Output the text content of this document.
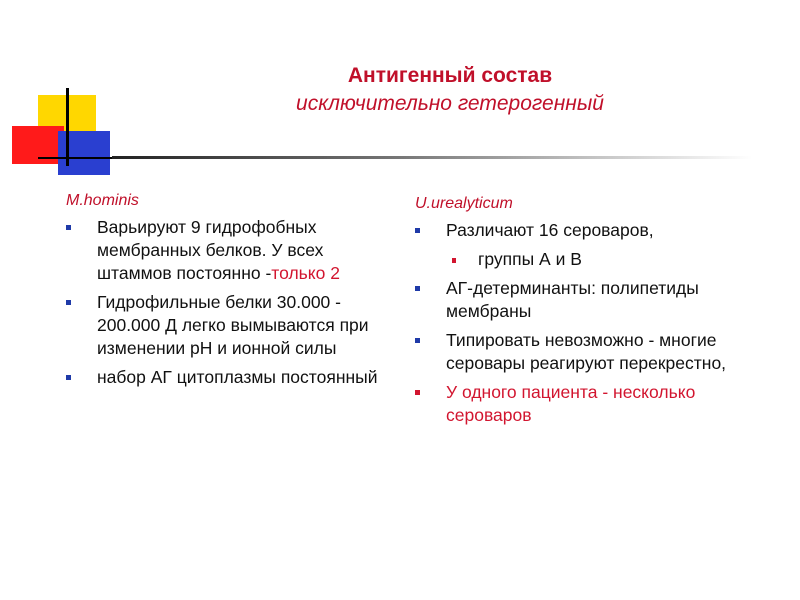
Антигенный состав
исключительно гетерогенный
M.hominis
Варьируют 9 гидрофобных мембранных белков. У всех штаммов постоянно -только 2
Гидрофильные белки 30.000 - 200.000 Д легко вымываются при изменении рН и ионной силы
набор АГ цитоплазмы постоянный
U.urealyticum
Различают 16 сероваров,
группы А и В
АГ-детерминанты: полипетиды мембраны
Типировать невозможно - многие серовары реагируют перекрестно,
У одного пациента - несколько сероваров
